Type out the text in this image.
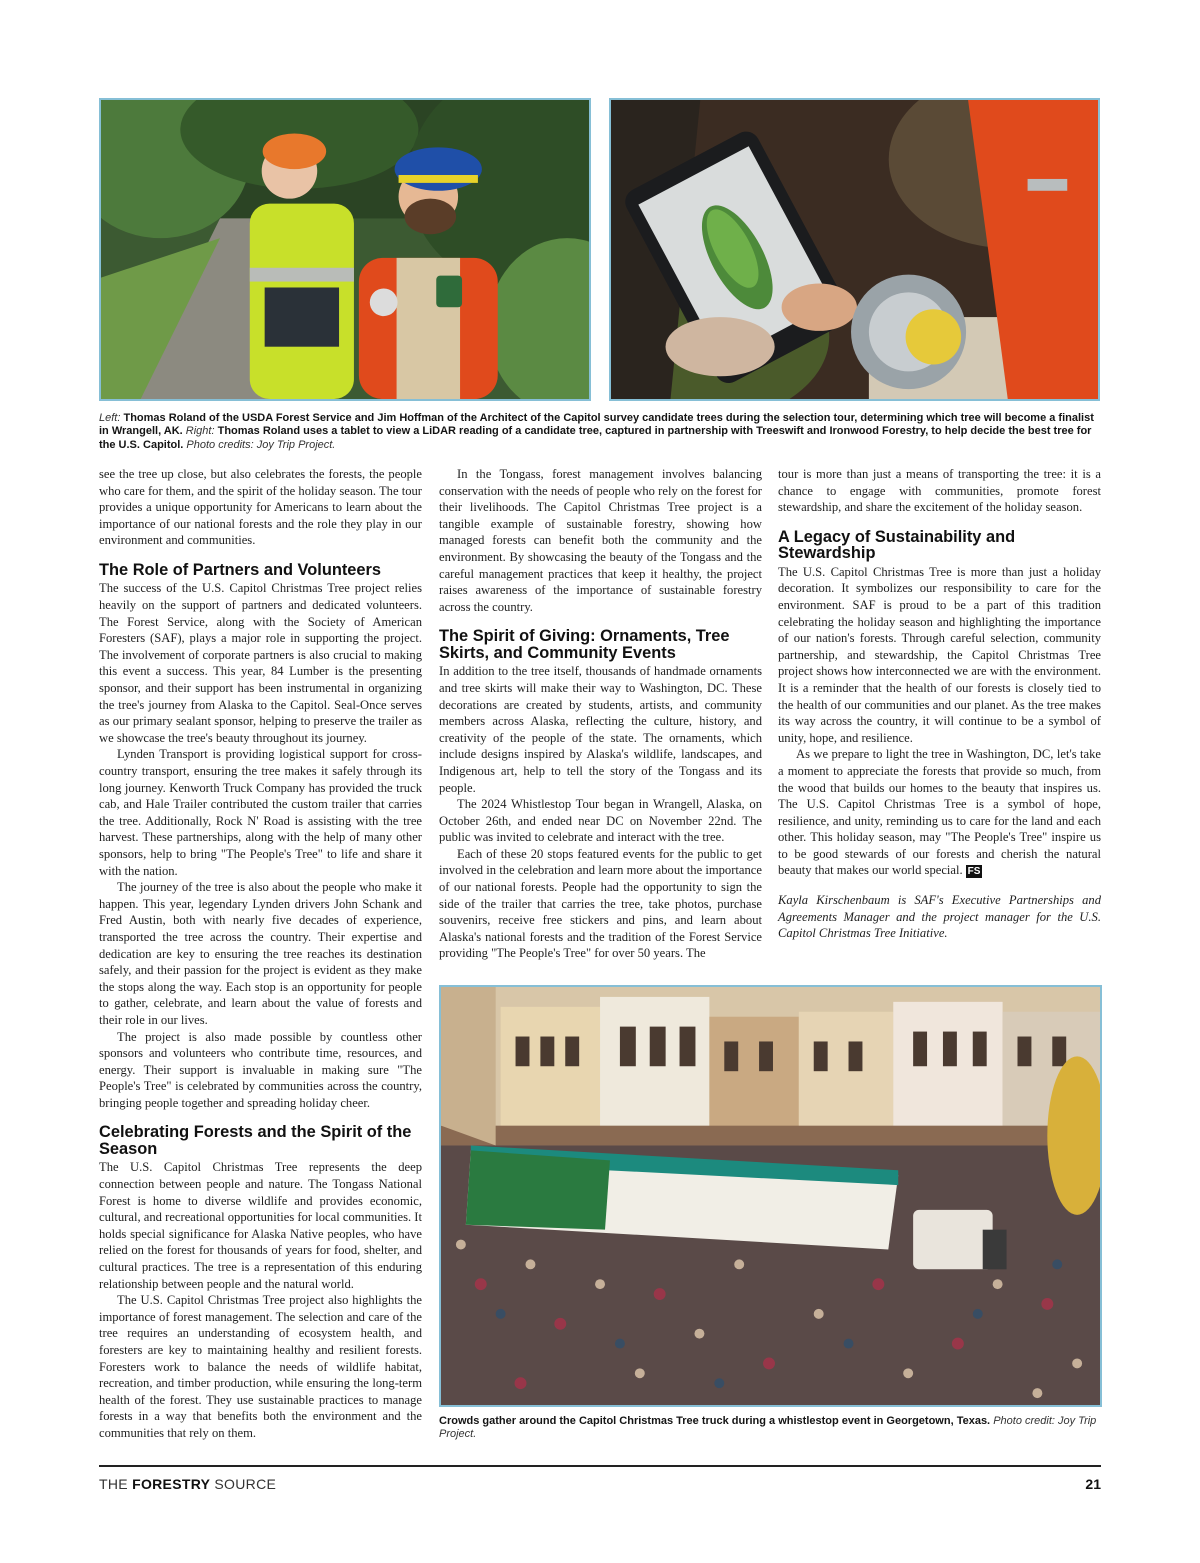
Left: Thomas Roland of the USDA Forest Service and Jim Hoffman of the Architect of the Capitol survey candidate trees during the selection tour, determining which tree will become a finalist in Wrangell, AK. Right: Thomas Roland uses a tablet to view a LiDAR reading of a candidate tree, captured in partnership with Treeswift and Ironwood Forestry, to help decide the best tree for the U.S. Capitol. Photo credits: Joy Trip Project.

see the tree up close, but also celebrates the forests, the people who care for them, and the spirit of the holiday season. The tour provides a unique opportunity for Americans to learn about the importance of our national forests and the role they play in our environment and communities.

The Role of Partners and Volunteers

The success of the U.S. Capitol Christmas Tree project relies heavily on the support of partners and dedicated volunteers. The Forest Service, along with the Society of American Foresters (SAF), plays a major role in supporting the project. The involvement of corporate partners is also crucial to making this event a success. This year, 84 Lumber is the presenting sponsor, and their support has been instrumental in organizing the tree's journey from Alaska to the Capitol. Seal-Once serves as our primary sealant sponsor, helping to preserve the trailer as we showcase the tree's beauty throughout its journey.

Lynden Transport is providing logistical support for cross-country transport, ensuring the tree makes it safely through its long journey. Kenworth Truck Company has provided the truck cab, and Hale Trailer contributed the custom trailer that carries the tree. Additionally, Rock N' Road is assisting with the tree harvest. These partnerships, along with the help of many other sponsors, help to bring "The People's Tree" to life and share it with the nation.

The journey of the tree is also about the people who make it happen. This year, legendary Lynden drivers John Schank and Fred Austin, both with nearly five decades of experience, transported the tree across the country. Their expertise and dedication are key to ensuring the tree reaches its destination safely, and their passion for the project is evident as they make the stops along the way. Each stop is an opportunity for people to gather, celebrate, and learn about the value of forests and their role in our lives.

The project is also made possible by countless other sponsors and volunteers who contribute time, resources, and energy. Their support is invaluable in making sure "The People's Tree" is celebrated by communities across the country, bringing people together and spreading holiday cheer.

Celebrating Forests and the Spirit of the Season

The U.S. Capitol Christmas Tree represents the deep connection between people and nature. The Tongass National Forest is home to diverse wildlife and provides economic, cultural, and recreational opportunities for local communities. It holds special significance for Alaska Native peoples, who have relied on the forest for thousands of years for food, shelter, and cultural practices. The tree is a representation of this enduring relationship between people and the natural world.

The U.S. Capitol Christmas Tree project also highlights the importance of forest management. The selection and care of the tree requires an understanding of ecosystem health, and foresters are key to maintaining healthy and resilient forests. Foresters work to balance the needs of wildlife habitat, recreation, and timber production, while ensuring the long-term health of the forest. They use sustainable practices to manage forests in a way that benefits both the environment and the communities that rely on them.

In the Tongass, forest management involves balancing conservation with the needs of people who rely on the forest for their livelihoods. The Capitol Christmas Tree project is a tangible example of sustainable forestry, showing how managed forests can benefit both the community and the environment. By showcasing the beauty of the Tongass and the careful management practices that keep it healthy, the project raises awareness of the importance of sustainable forestry across the country.

The Spirit of Giving: Ornaments, Tree Skirts, and Community Events

In addition to the tree itself, thousands of handmade ornaments and tree skirts will make their way to Washington, DC. These decorations are created by students, artists, and community members across Alaska, reflecting the culture, history, and creativity of the people of the state. The ornaments, which include designs inspired by Alaska's wildlife, landscapes, and Indigenous art, help to tell the story of the Tongass and its people.

The 2024 Whistlestop Tour began in Wrangell, Alaska, on October 26th, and ended near DC on November 22nd. The public was invited to celebrate and interact with the tree.

Each of these 20 stops featured events for the public to get involved in the celebration and learn more about the importance of our national forests. People had the opportunity to sign the side of the trailer that carries the tree, take photos, purchase souvenirs, receive free stickers and pins, and learn about Alaska's national forests and the tradition of the Forest Service providing "The People's Tree" for over 50 years. The

tour is more than just a means of transporting the tree: it is a chance to engage with communities, promote forest stewardship, and share the excitement of the holiday season.

A Legacy of Sustainability and Stewardship

The U.S. Capitol Christmas Tree is more than just a holiday decoration. It symbolizes our responsibility to care for the environment. SAF is proud to be a part of this tradition celebrating the holiday season and highlighting the importance of our nation's forests. Through careful selection, community partnership, and stewardship, the Capitol Christmas Tree project shows how interconnected we are with the environment. It is a reminder that the health of our forests is closely tied to the health of our communities and our planet. As the tree makes its way across the country, it will continue to be a symbol of unity, hope, and resilience.

As we prepare to light the tree in Washington, DC, let's take a moment to appreciate the forests that provide so much, from the wood that builds our homes to the beauty that inspires us. The U.S. Capitol Christmas Tree is a symbol of hope, resilience, and unity, reminding us to care for the land and each other. This holiday season, may "The People's Tree" inspire us to be good stewards of our forests and cherish the natural beauty that makes our world special. FS

Kayla Kirschenbaum is SAF's Executive Partnerships and Agreements Manager and the project manager for the U.S. Capitol Christmas Tree Initiative.

Crowds gather around the Capitol Christmas Tree truck during a whistlestop event in Georgetown, Texas. Photo credit: Joy Trip Project.
THE FORESTRY SOURCE	21
